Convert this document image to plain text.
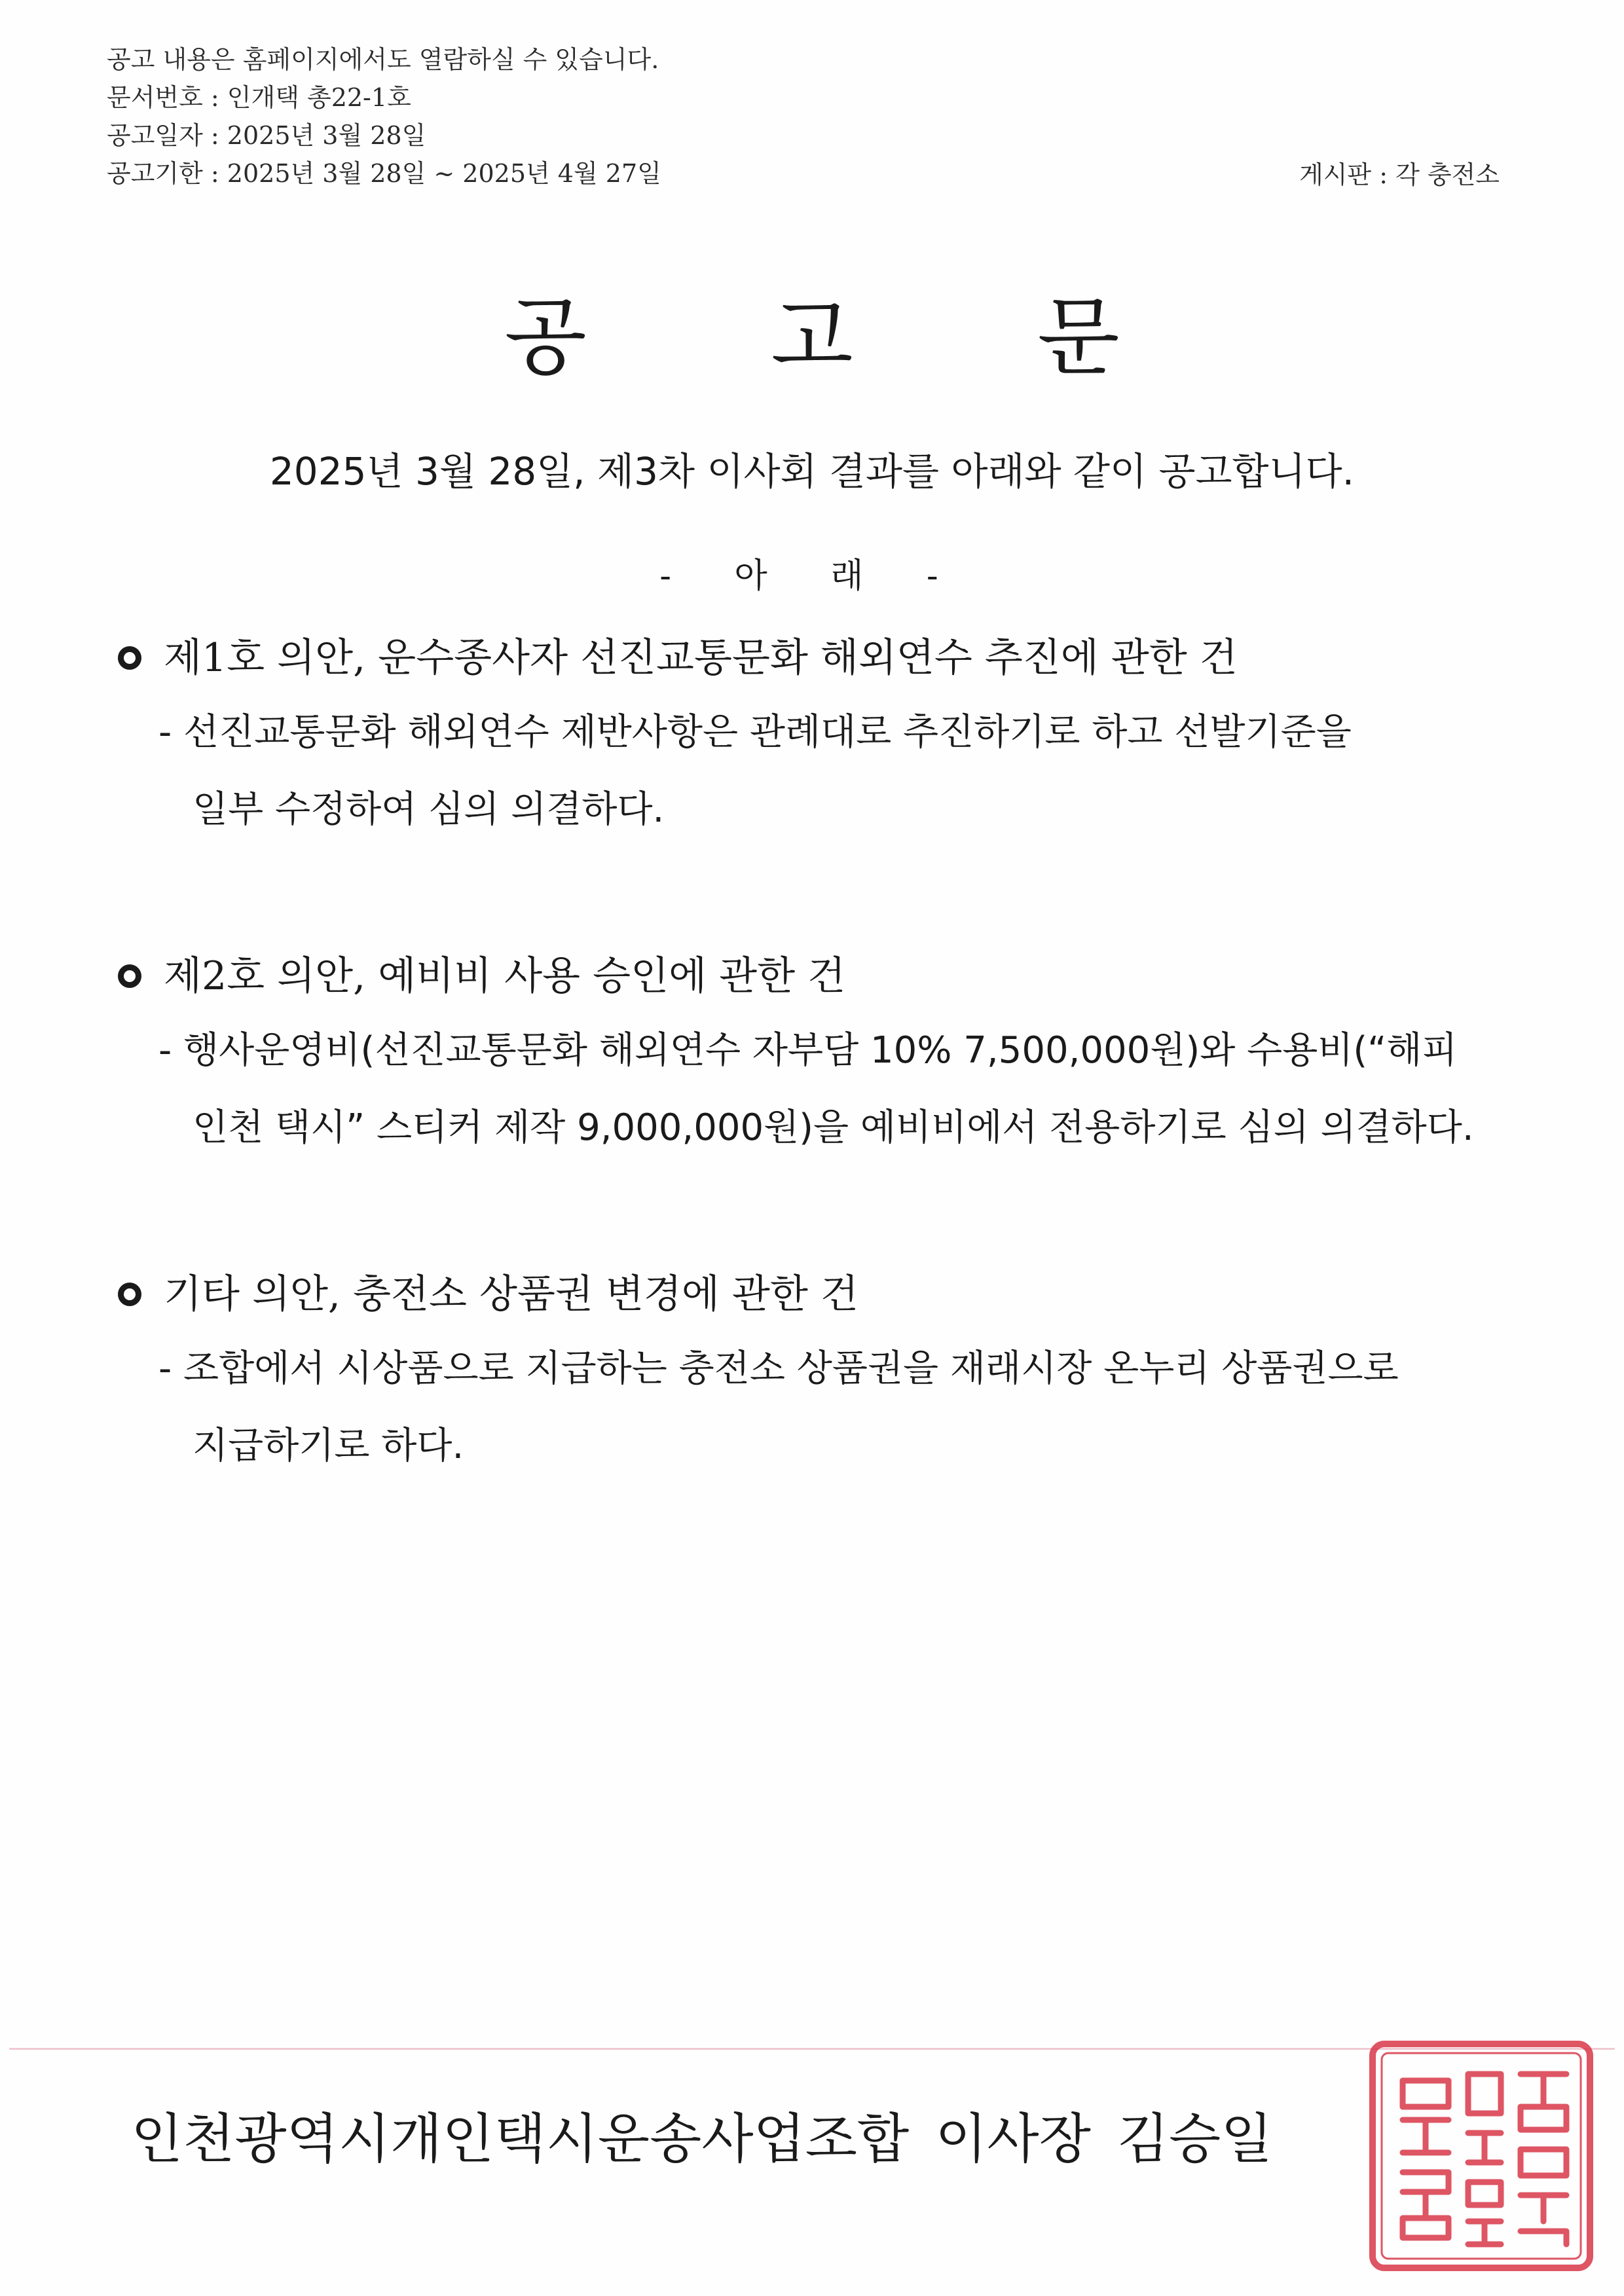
공고 내용은 홈페이지에서도 열람하실 수 있습니다.
문서번호 : 인개택 총22-1호
공고일자 : 2025년 3월 28일
공고기한 : 2025년 3월 28일 ~ 2025년 4월 27일	게시판 : 각 충전소
공 고 문
2025년 3월 28일, 제3차 이사회 결과를 아래와 같이 공고합니다.
- 아 래 -
제1호 의안, 운수종사자 선진교통문화 해외연수 추진에 관한 건
- 선진교통문화 해외연수 제반사항은 관례대로 추진하기로 하고 선발기준을
일부 수정하여 심의 의결하다.
제2호 의안, 예비비 사용 승인에 관한 건
- 행사운영비(선진교통문화 해외연수 자부담 10% 7,500,000원)와 수용비(“해피
인천 택시” 스티커 제작 9,000,000원)을 예비비에서 전용하기로 심의 의결하다.
기타 의안, 충전소 상품권 변경에 관한 건
- 조합에서 시상품으로 지급하는 충전소 상품권을 재래시장 온누리 상품권으로
지급하기로 하다.
인천광역시개인택시운송사업조합 이사장 김승일
